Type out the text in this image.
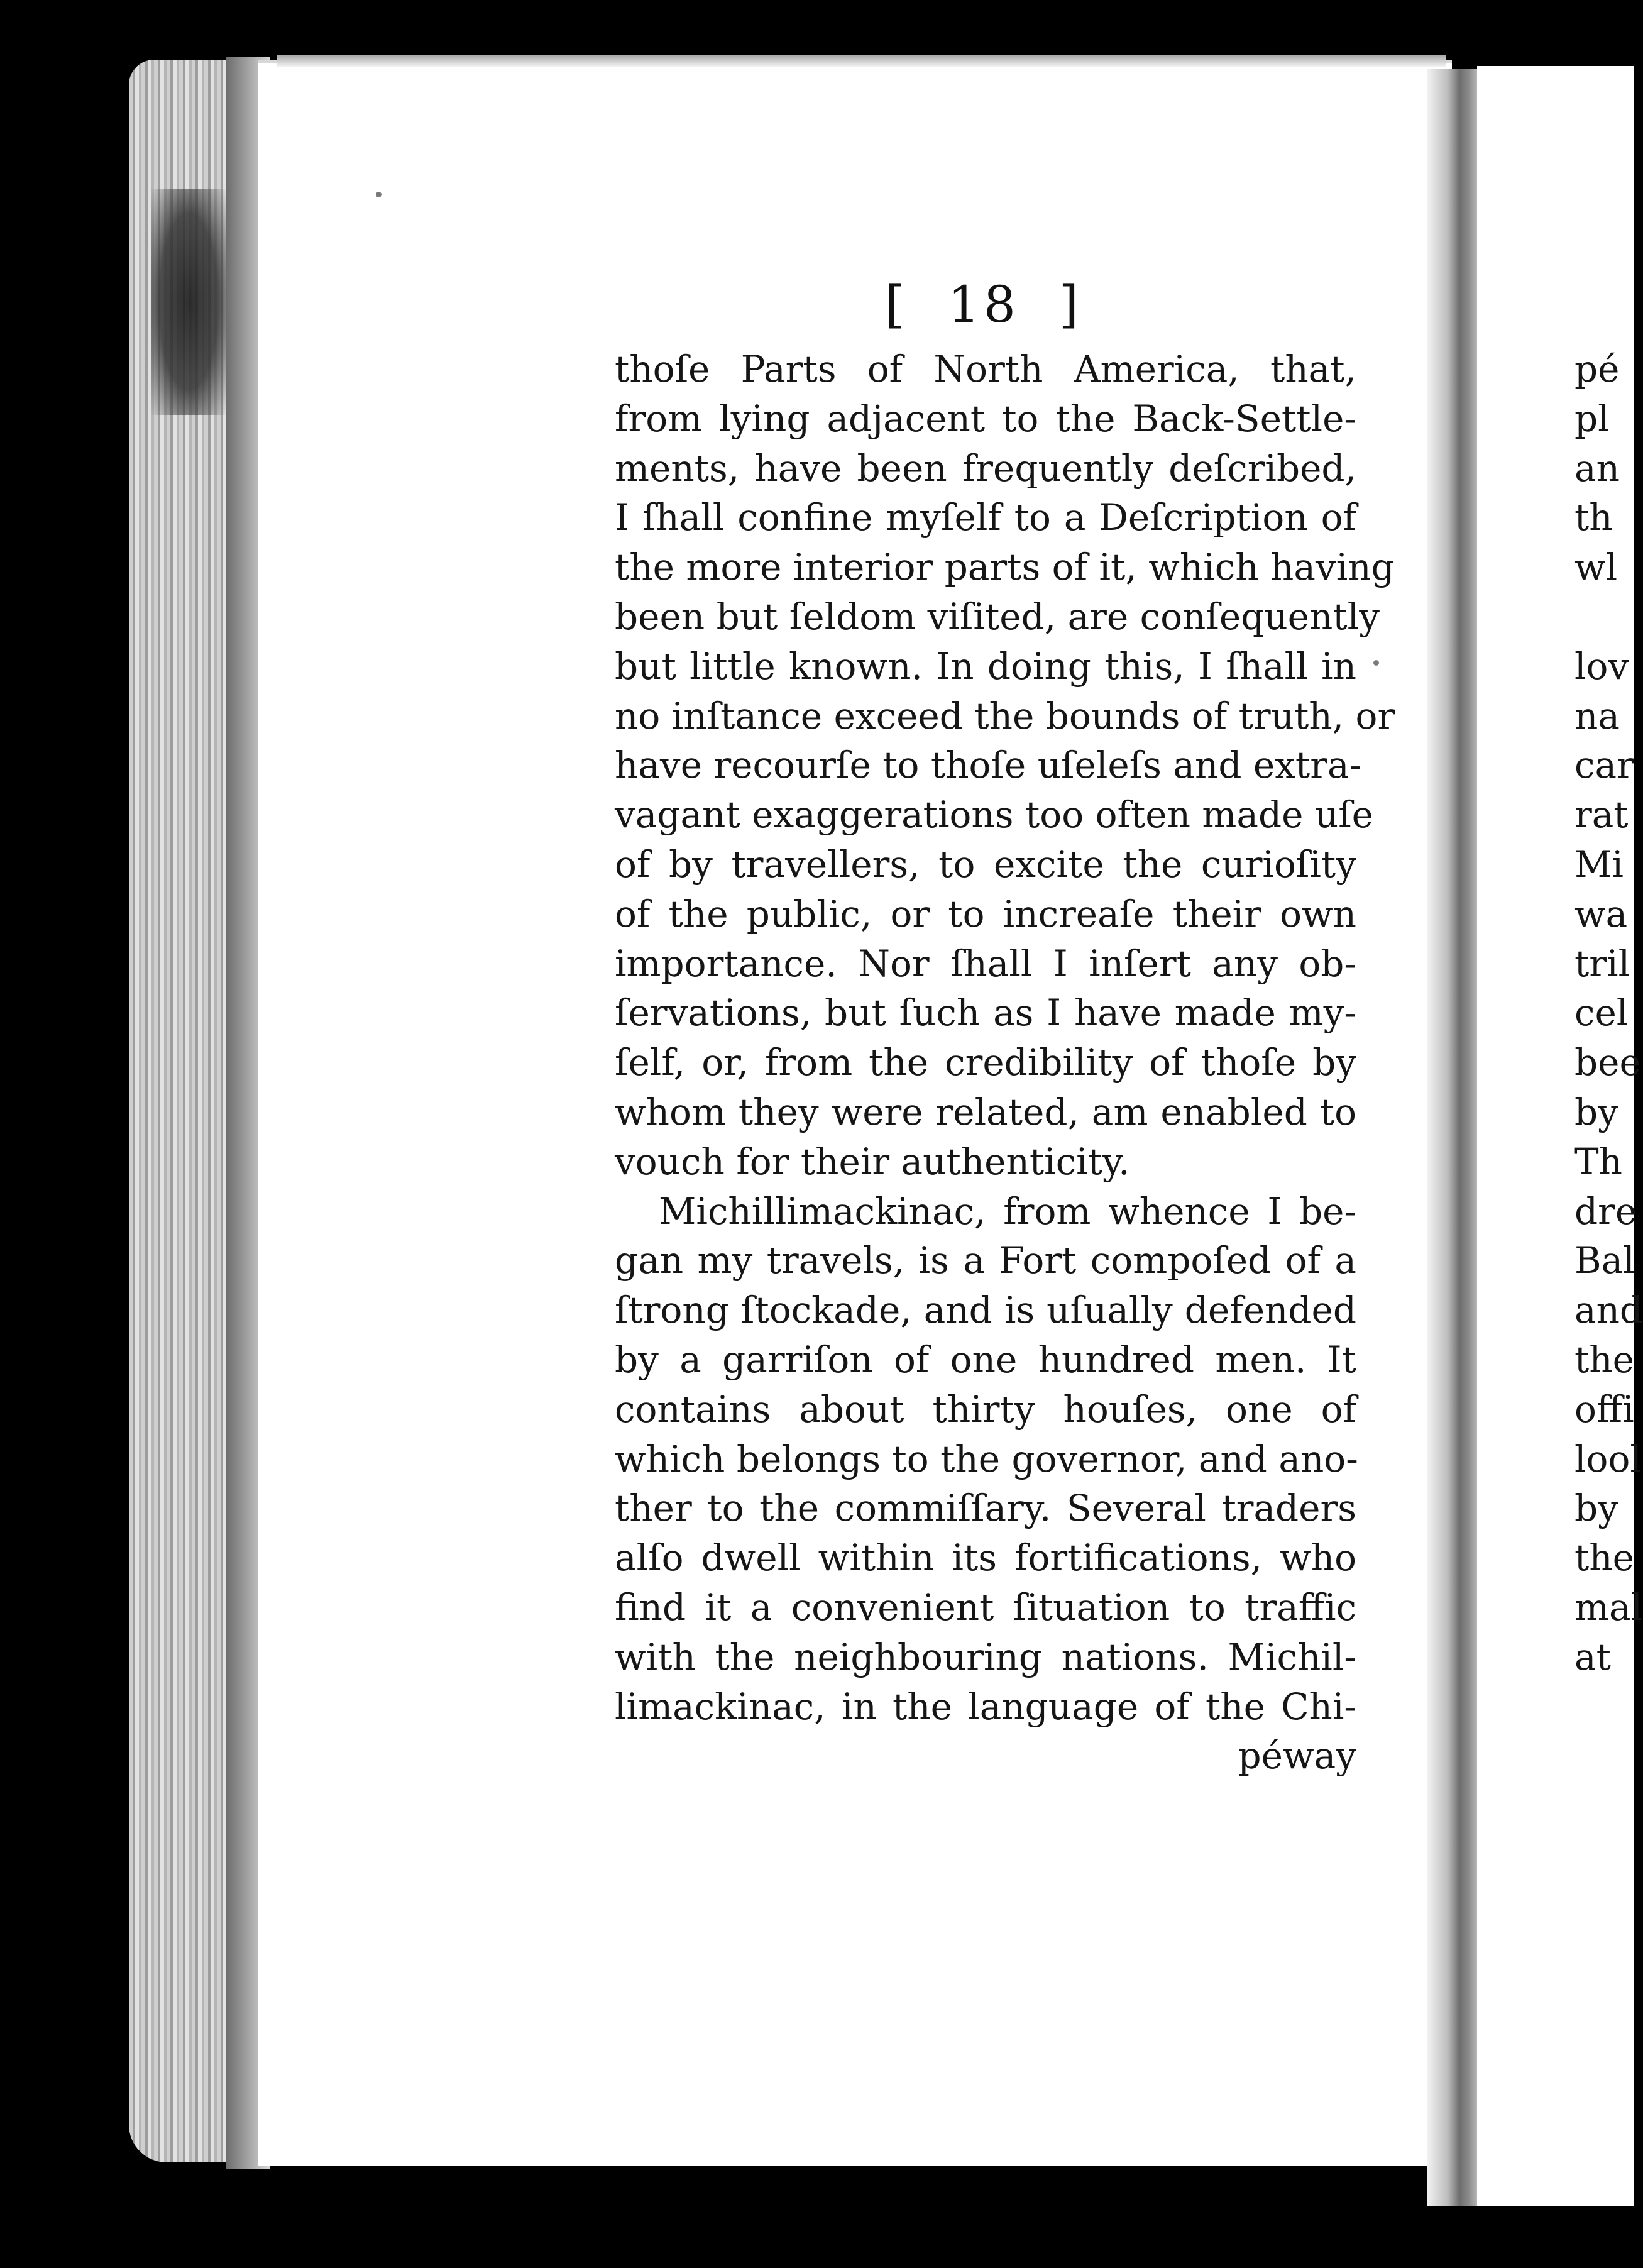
[  18  ]
thoſe Parts of North America, that,
from lying adjacent to the Back-Settle-
ments, have been frequently deſcribed,
I ſhall confine myſelf to a Deſcription of
the more interior parts of it, which having
been but ſeldom viſited, are conſequently
but little known. In doing this, I ſhall in
no inſtance exceed the bounds of truth, or
have recourſe to thoſe uſeleſs and extra-
vagant exaggerations too often made uſe
of by travellers, to excite the curioſity
of the public, or to increaſe their own
importance. Nor ſhall I inſert any ob-
ſervations, but ſuch as I have made my-
ſelf, or, from the credibility of thoſe by
whom they were related, am enabled to
vouch for their authenticity.
Michillimackinac, from whence I be-
gan my travels, is a Fort compoſed of a
ſtrong ſtockade, and is uſually defended
by a garriſon of one hundred men. It
contains about thirty houſes, one of
which belongs to the governor, and ano-
ther to the commiſſary. Several traders
alſo dwell within its fortifications, who
find it a convenient ſituation to traffic
with the neighbouring nations. Michil-
limackinac, in the language of the Chi-
péway
pé
pl
an
th
wl
lov
na
car
rat
Mi
wa
tril
cel
bee
by
Th
dre
Bal
and
the
offi
lool
by
the
mal
at
